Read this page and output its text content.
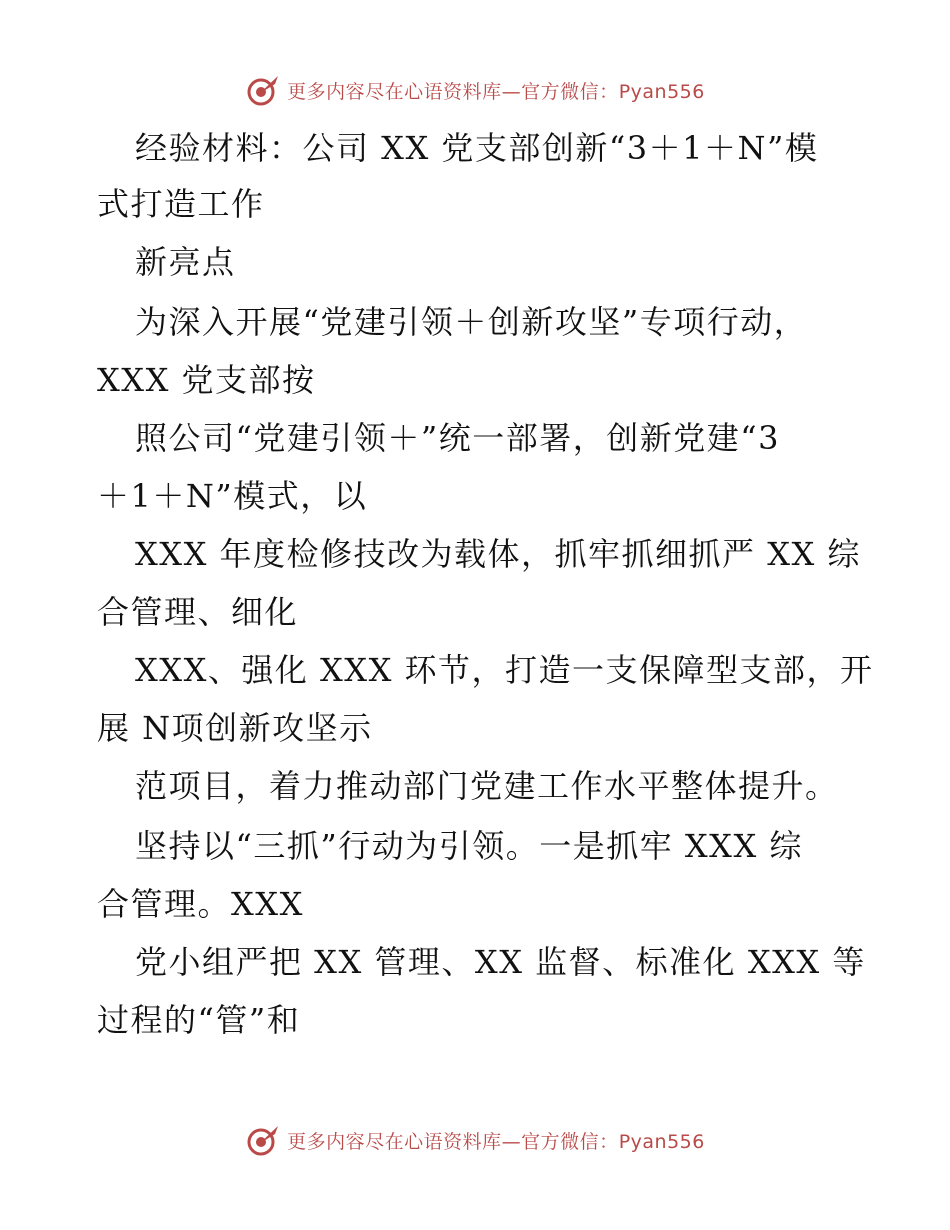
更多内容尽在心语资料库—官方微信：Pyan556
经验材料：公司 XX 党支部创新“3＋1＋N”模
式打造工作
新亮点
为深入开展“党建引领＋创新攻坚”专项行动，
XXX 党支部按
照公司“党建引领＋”统一部署，创新党建“3
＋1＋N”模式，以
XXX 年度检修技改为载体，抓牢抓细抓严 XX 综
合管理、细化
XXX、强化 XXX 环节，打造一支保障型支部，开
展 N项创新攻坚示
范项目，着力推动部门党建工作水平整体提升。
坚持以“三抓”行动为引领。一是抓牢 XXX 综
合管理。XXX
党小组严把 XX 管理、XX 监督、标准化 XXX 等
过程的“管”和
更多内容尽在心语资料库—官方微信：Pyan556
